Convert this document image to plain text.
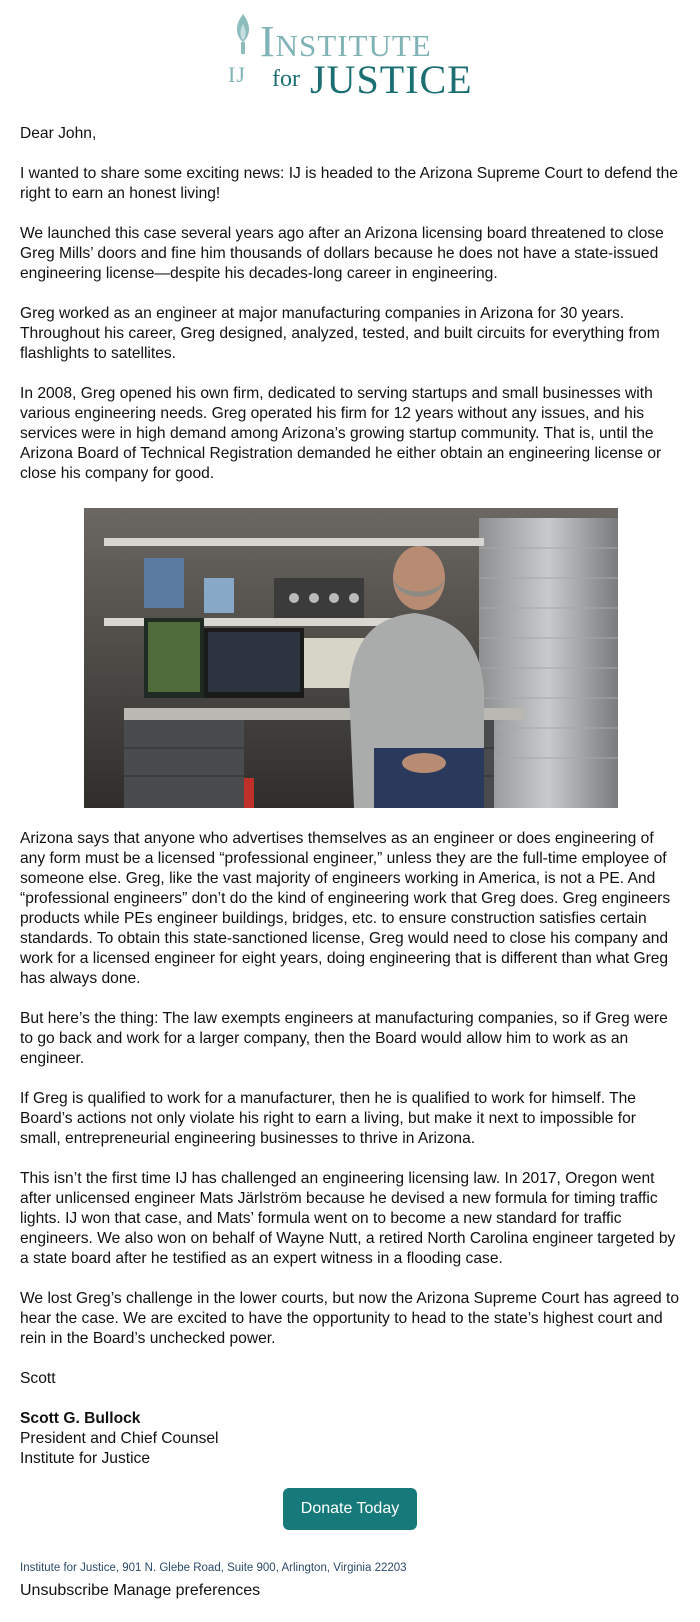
IJ
Institute
for JUSTICE

Dear John,

I wanted to share some exciting news: IJ is headed to the Arizona Supreme Court to defend the right to earn an honest living!

We launched this case several years ago after an Arizona licensing board threatened to close Greg Mills’ doors and fine him thousands of dollars because he does not have a state-issued engineering license—despite his decades-long career in engineering.

Greg worked as an engineer at major manufacturing companies in Arizona for 30 years. Throughout his career, Greg designed, analyzed, tested, and built circuits for everything from flashlights to satellites.

In 2008, Greg opened his own firm, dedicated to serving startups and small businesses with various engineering needs. Greg operated his firm for 12 years without any issues, and his services were in high demand among Arizona’s growing startup community. That is, until the Arizona Board of Technical Registration demanded he either obtain an engineering license or close his company for good.

Arizona says that anyone who advertises themselves as an engineer or does engineering of any form must be a licensed “professional engineer,” unless they are the full-time employee of someone else. Greg, like the vast majority of engineers working in America, is not a PE. And “professional engineers” don’t do the kind of engineering work that Greg does. Greg engineers products while PEs engineer buildings, bridges, etc. to ensure construction satisfies certain standards. To obtain this state-sanctioned license, Greg would need to close his company and work for a licensed engineer for eight years, doing engineering that is different than what Greg has always done.

But here’s the thing: The law exempts engineers at manufacturing companies, so if Greg were to go back and work for a larger company, then the Board would allow him to work as an engineer.

If Greg is qualified to work for a manufacturer, then he is qualified to work for himself. The Board’s actions not only violate his right to earn a living, but make it next to impossible for small, entrepreneurial engineering businesses to thrive in Arizona.

This isn’t the first time IJ has challenged an engineering licensing law. In 2017, Oregon went after unlicensed engineer Mats Järlström because he devised a new formula for timing traffic lights. IJ won that case, and Mats’ formula went on to become a new standard for traffic engineers. We also won on behalf of Wayne Nutt, a retired North Carolina engineer targeted by a state board after he testified as an expert witness in a flooding case.

We lost Greg’s challenge in the lower courts, but now the Arizona Supreme Court has agreed to hear the case. We are excited to have the opportunity to head to the state’s highest court and rein in the Board’s unchecked power.

Scott

Scott G. Bullock
President and Chief Counsel
Institute for Justice
Donate Today
Institute for Justice, 901 N. Glebe Road, Suite 900, Arlington, Virginia 22203
Unsubscribe Manage preferences
